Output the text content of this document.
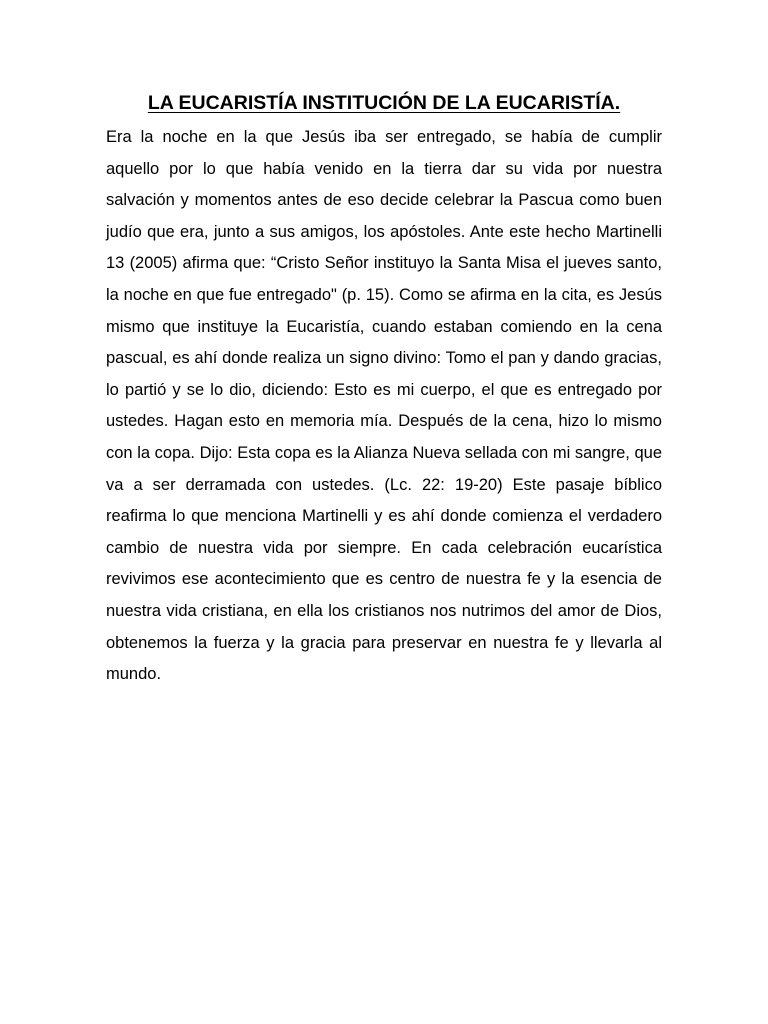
LA EUCARISTÍA INSTITUCIÓN DE LA EUCARISTÍA.

Era la noche en la que Jesús iba ser entregado, se había de cumplir aquello por lo que había venido en la tierra dar su vida por nuestra salvación y momentos antes de eso decide celebrar la Pascua como buen judío que era, junto a sus amigos, los apóstoles. Ante este hecho Martinelli 13 (2005) afirma que: “Cristo Señor instituyo la Santa Misa el jueves santo, la noche en que fue entregado" (p. 15). Como se afirma en la cita, es Jesús mismo que instituye la Eucaristía, cuando estaban comiendo en la cena pascual, es ahí donde realiza un signo divino: Tomo el pan y dando gracias, lo partió y se lo dio, diciendo: Esto es mi cuerpo, el que es entregado por ustedes. Hagan esto en memoria mía. Después de la cena, hizo lo mismo con la copa. Dijo: Esta copa es la Alianza Nueva sellada con mi sangre, que va a ser derramada con ustedes. (Lc. 22: 19-20) Este pasaje bíblico reafirma lo que menciona Martinelli y es ahí donde comienza el verdadero cambio de nuestra vida por siempre. En cada celebración eucarística revivimos ese acontecimiento que es centro de nuestra fe y la esencia de nuestra vida cristiana, en ella los cristianos nos nutrimos del amor de Dios, obtenemos la fuerza y la gracia para preservar en nuestra fe y llevarla al mundo.
